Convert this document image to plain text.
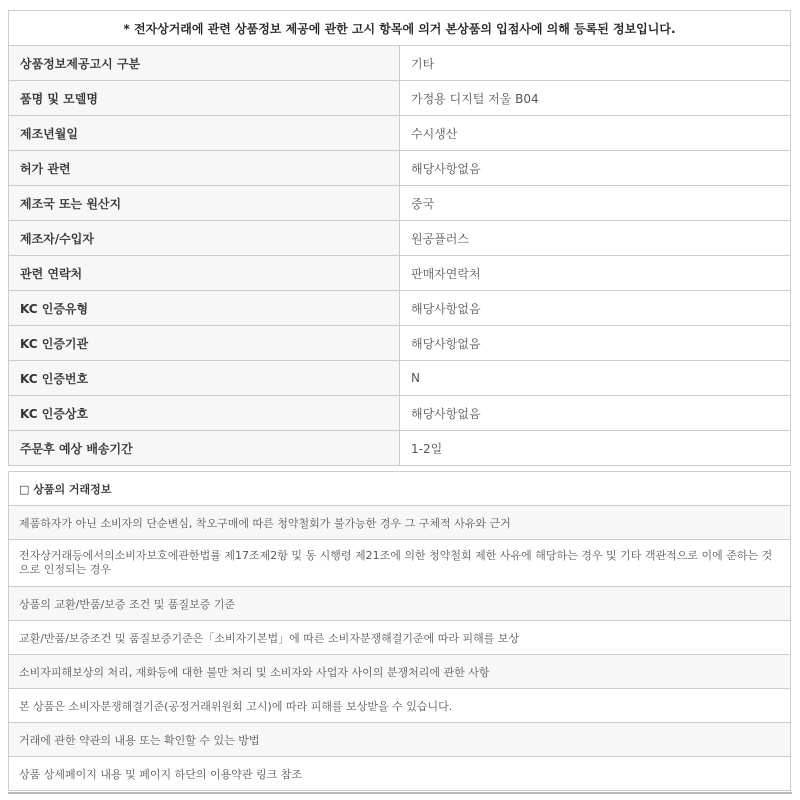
* 전자상거래에 관련 상품정보 제공에 관한 고시 항목에 의거 본상품의 입점사에 의해 등록된 정보입니다.	
상품정보제공고시 구분	기타
품명 및 모델명	가정용 디지털 저울 B04
제조년월일	수시생산
허가 관련	해당사항없음
제조국 또는 원산지	중국
제조자/수입자	원공플러스
관련 연락처	판매자연락처
KC 인증유형	해당사항없음
KC 인증기관	해당사항없음
KC 인증번호	N
KC 인증상호	해당사항없음
주문후 예상 배송기간	1-2일
□ 상품의 거래정보
제품하자가 아닌 소비자의 단순변심, 착오구매에 따른 청약철회가 불가능한 경우 그 구체적 사유와 근거
전자상거래등에서의소비자보호에관한법률 제17조제2항 및 동 시행령 제21조에 의한 청약철회 제한 사유에 해당하는 경우 및 기타 객관적으로 이에 준하는 것으로 인정되는 경우
상품의 교환/반품/보증 조건 및 품질보증 기준
교환/반품/보증조건 및 품질보증기준은「소비자기본법」에 따른 소비자분쟁해결기준에 따라 피해를 보상
소비자피해보상의 처리, 재화등에 대한 불만 처리 및 소비자와 사업자 사이의 분쟁처리에 관한 사항
본 상품은 소비자분쟁해결기준(공정거래위원회 고시)에 따라 피해를 보상받을 수 있습니다.
거래에 관한 약관의 내용 또는 확인할 수 있는 방법
상품 상세페이지 내용 및 페이지 하단의 이용약관 링크 참조
